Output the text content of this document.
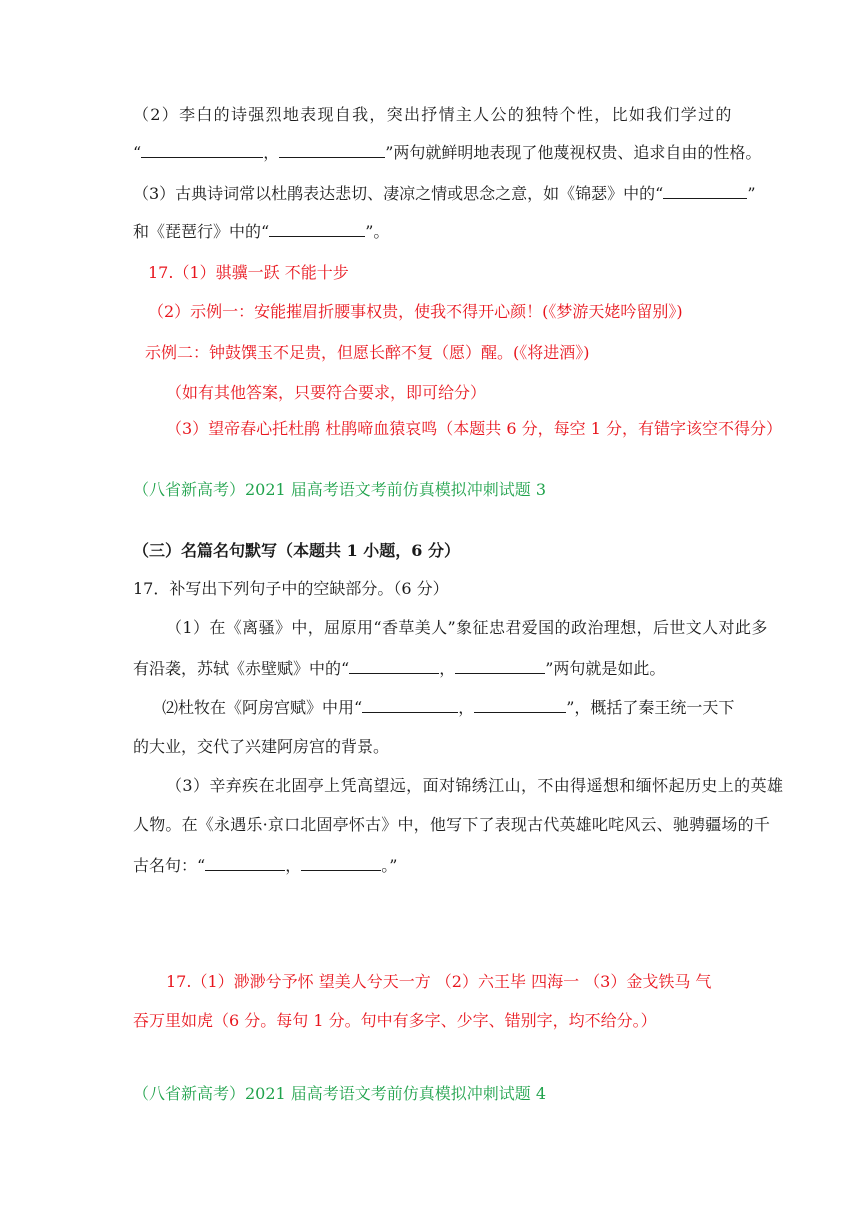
（2）李白的诗强烈地表现自我，突出抒情主人公的独特个性，比如我们学过的
“	，	”两句就鲜明地表现了他蔑视权贵、追求自由的性格。
（3）古典诗词常以杜鹃表达悲切、凄凉之情或思念之意，如《锦瑟》中的“	”
和《琵琶行》中的“	”。
17.（1）骐骥一跃 不能十步
（2）示例一：安能摧眉折腰事权贵，使我不得开心颜！(《梦游天姥吟留别》)
示例二：钟鼓馔玉不足贵，但愿长醉不复（愿）醒。(《将进酒》)
（如有其他答案，只要符合要求，即可给分）
（3）望帝春心托杜鹃 杜鹃啼血猿哀鸣（本题共 6 分，每空 1 分，有错字该空不得分）
（八省新高考）2021 届高考语文考前仿真模拟冲刺试题 3
（三）名篇名句默写（本题共 1 小题，6 分）
17．补写出下列句子中的空缺部分。（6 分）
（1）在《离骚》中，屈原用“香草美人”象征忠君爱国的政治理想，后世文人对此多
有沿袭，苏轼《赤壁赋》中的“	，	”两句就是如此。
⑵杜牧在《阿房宫赋》中用“	，	”，概括了秦王统一天下
的大业，交代了兴建阿房宫的背景。
（3）辛弃疾在北固亭上凭高望远，面对锦绣江山，不由得遥想和缅怀起历史上的英雄
人物。在《永遇乐·京口北固亭怀古》中，他写下了表现古代英雄叱咤风云、驰骋疆场的千
古名句：“	，	。”
17.（1）渺渺兮予怀 望美人兮天一方 （2）六王毕 四海一 （3）金戈铁马 气
吞万里如虎（6 分。每句 1 分。句中有多字、少字、错别字，均不给分。）
（八省新高考）2021 届高考语文考前仿真模拟冲刺试题 4
